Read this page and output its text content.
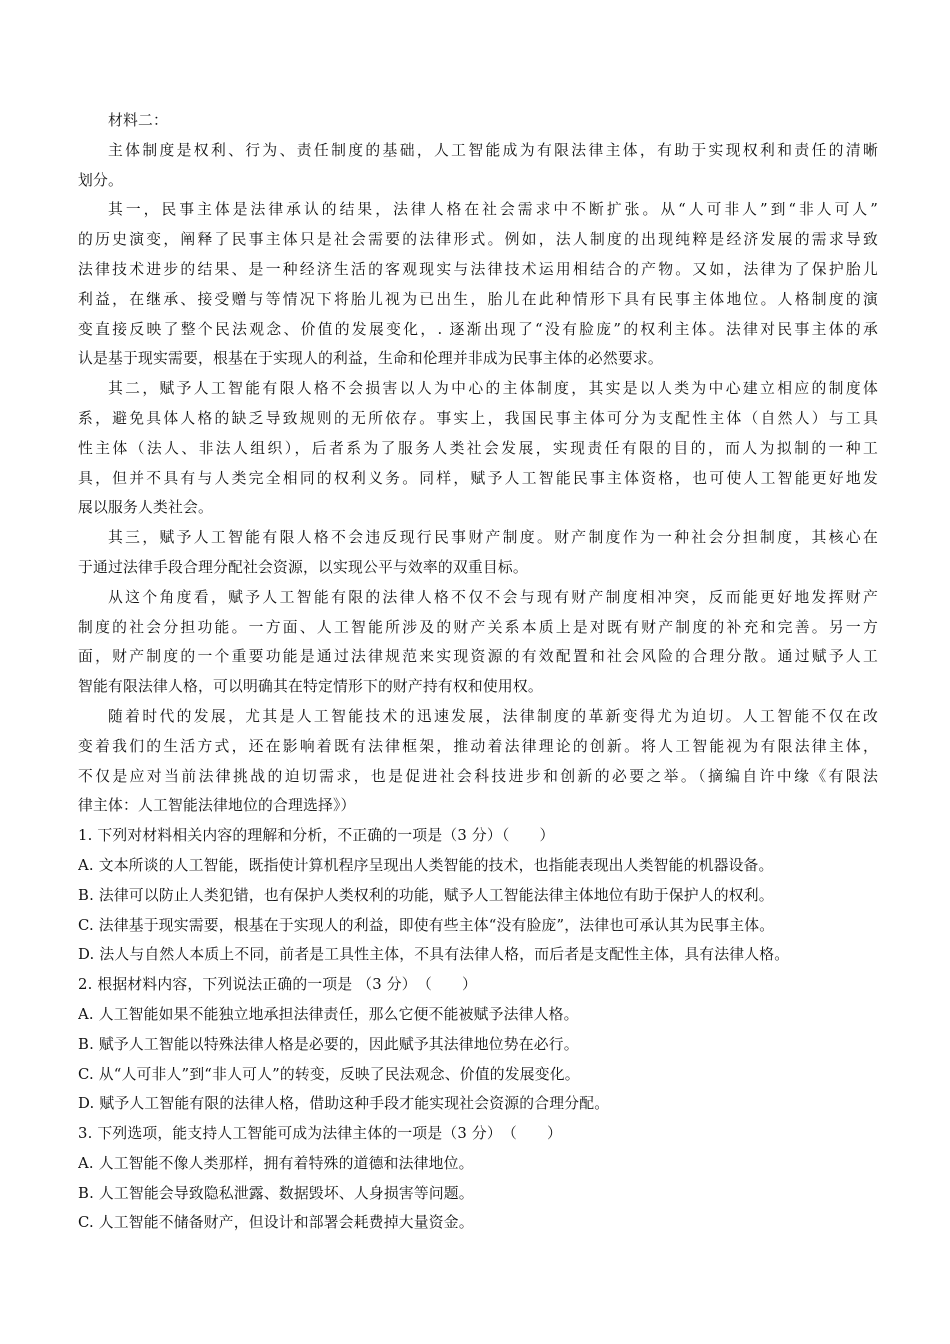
材料二：
主体制度是权利、行为、责任制度的基础，人工智能成为有限法律主体，有助于实现权利和责任的清晰
划分。
其一，民事主体是法律承认的结果，法律人格在社会需求中不断扩张。从“人可非人”到“非人可人”
的历史演变，阐释了民事主体只是社会需要的法律形式。例如，法人制度的出现纯粹是经济发展的需求导致
法律技术进步的结果、是一种经济生活的客观现实与法律技术运用相结合的产物。又如，法律为了保护胎儿
利益，在继承、接受赠与等情况下将胎儿视为已出生，胎儿在此种情形下具有民事主体地位。人格制度的演
变直接反映了整个民法观念、价值的发展变化，. 逐渐出现了“没有脸庞”的权利主体。法律对民事主体的承
认是基于现实需要，根基在于实现人的利益，生命和伦理并非成为民事主体的必然要求。
其二，赋予人工智能有限人格不会损害以人为中心的主体制度，其实是以人类为中心建立相应的制度体
系，避免具体人格的缺乏导致规则的无所依存。事实上，我国民事主体可分为支配性主体（自然人）与工具
性主体（法人、非法人组织），后者系为了服务人类社会发展，实现责任有限的目的，而人为拟制的一种工
具，但并不具有与人类完全相同的权利义务。同样，赋予人工智能民事主体资格，也可使人工智能更好地发
展以服务人类社会。
其三，赋予人工智能有限人格不会违反现行民事财产制度。财产制度作为一种社会分担制度，其核心在
于通过法律手段合理分配社会资源，以实现公平与效率的双重目标。
从这个角度看，赋予人工智能有限的法律人格不仅不会与现有财产制度相冲突，反而能更好地发挥财产
制度的社会分担功能。一方面、人工智能所涉及的财产关系本质上是对既有财产制度的补充和完善。另一方
面，财产制度的一个重要功能是通过法律规范来实现资源的有效配置和社会风险的合理分散。通过赋予人工
智能有限法律人格，可以明确其在特定情形下的财产持有权和使用权。
随着时代的发展，尤其是人工智能技术的迅速发展，法律制度的革新变得尤为迫切。人工智能不仅在改
变着我们的生活方式，还在影响着既有法律框架，推动着法律理论的创新。将人工智能视为有限法律主体，
不仅是应对当前法律挑战的迫切需求，也是促进社会科技进步和创新的必要之举。（摘编自许中缘《有限法
律主体：人工智能法律地位的合理选择》）
1. 下列对材料相关内容的理解和分析，不正确的一项是（3 分）（　　）
A. 文本所谈的人工智能，既指使计算机程序呈现出人类智能的技术，也指能表现出人类智能的机器设备。
B. 法律可以防止人类犯错，也有保护人类权利的功能，赋予人工智能法律主体地位有助于保护人的权利。
C. 法律基于现实需要，根基在于实现人的利益，即使有些主体“没有脸庞”，法律也可承认其为民事主体。
D. 法人与自然人本质上不同，前者是工具性主体，不具有法律人格，而后者是支配性主体，具有法律人格。
2. 根据材料内容，下列说法正确的一项是 （3 分）　（　　）
A. 人工智能如果不能独立地承担法律责任，那么它便不能被赋予法律人格。
B. 赋予人工智能以特殊法律人格是必要的，因此赋予其法律地位势在必行。
C. 从“人可非人”到“非人可人”的转变，反映了民法观念、价值的发展变化。
D. 赋予人工智能有限的法律人格，借助这种手段才能实现社会资源的合理分配。
3. 下列选项，能支持人工智能可成为法律主体的一项是（3 分）　（　　）
A. 人工智能不像人类那样，拥有着特殊的道德和法律地位。
B. 人工智能会导致隐私泄露、数据毁坏、人身损害等问题。
C. 人工智能不储备财产，但设计和部署会耗费掉大量资金。
